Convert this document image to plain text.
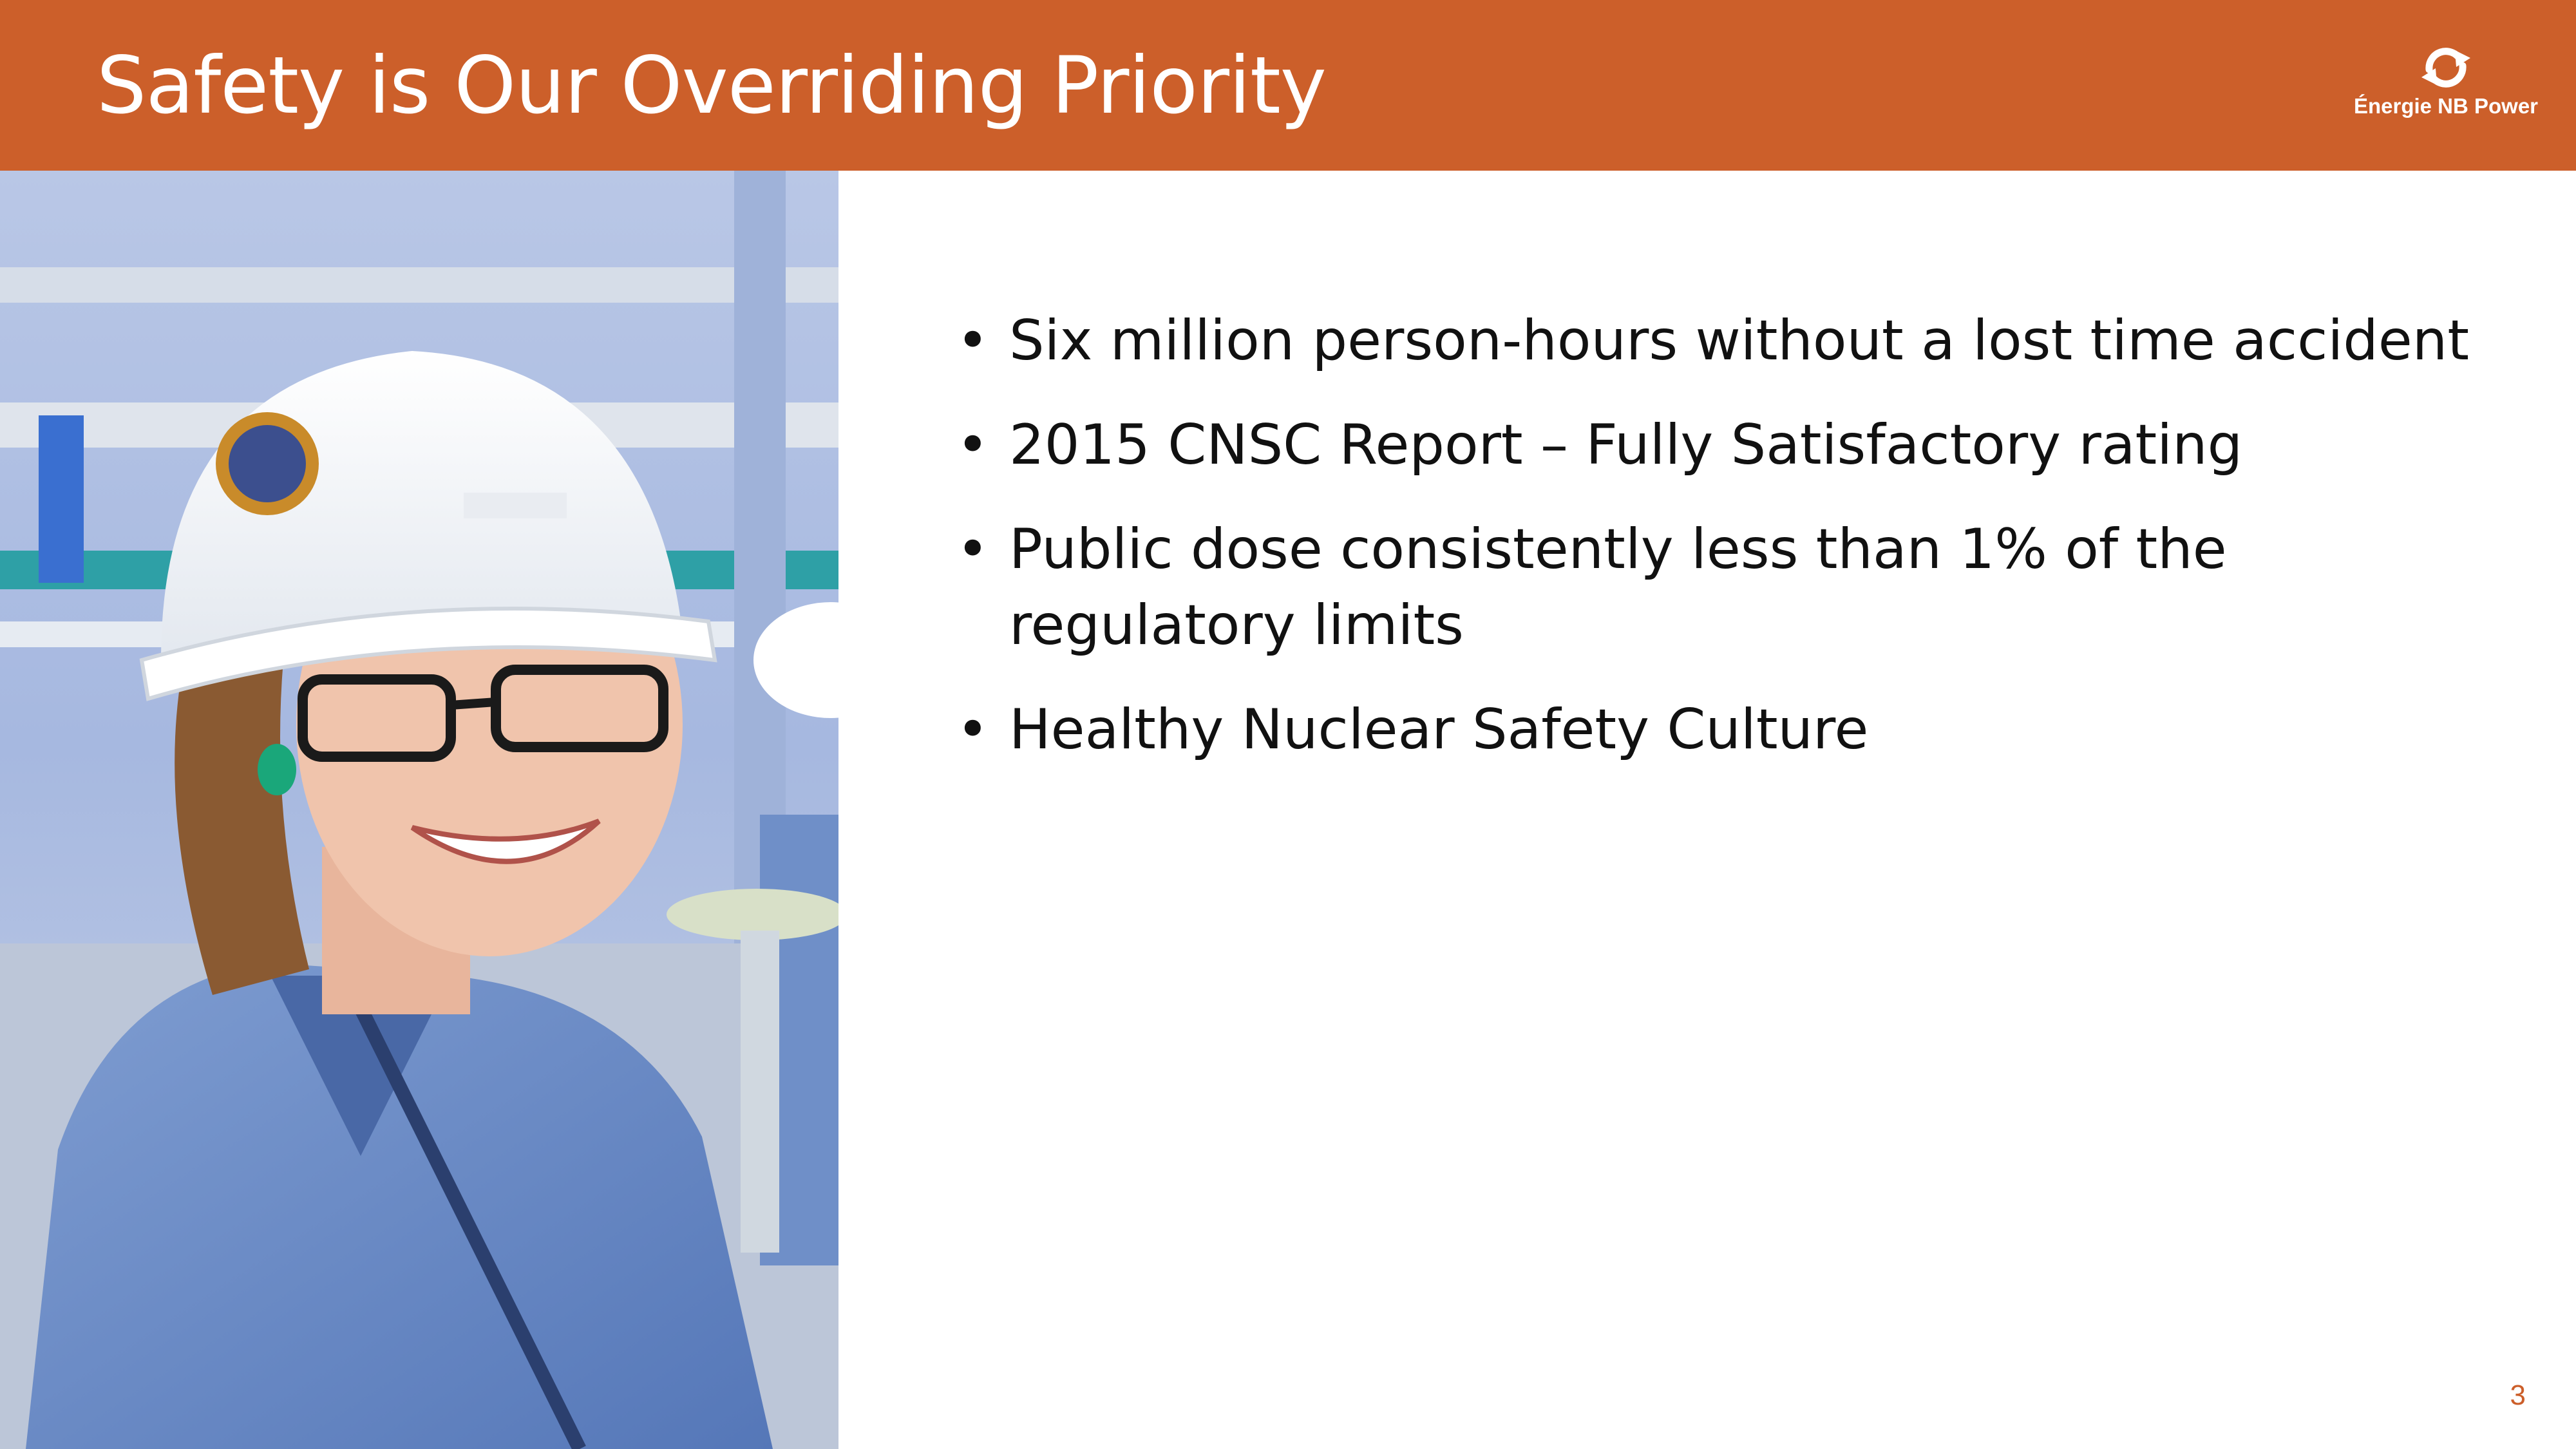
Safety is Our Overriding Priority	Énergie NB Power
• Six million person-hours without a lost time accident
• 2015 CNSC Report – Fully Satisfactory rating
• Public dose consistently less than 1% of the regulatory limits
• Healthy Nuclear Safety Culture
3
